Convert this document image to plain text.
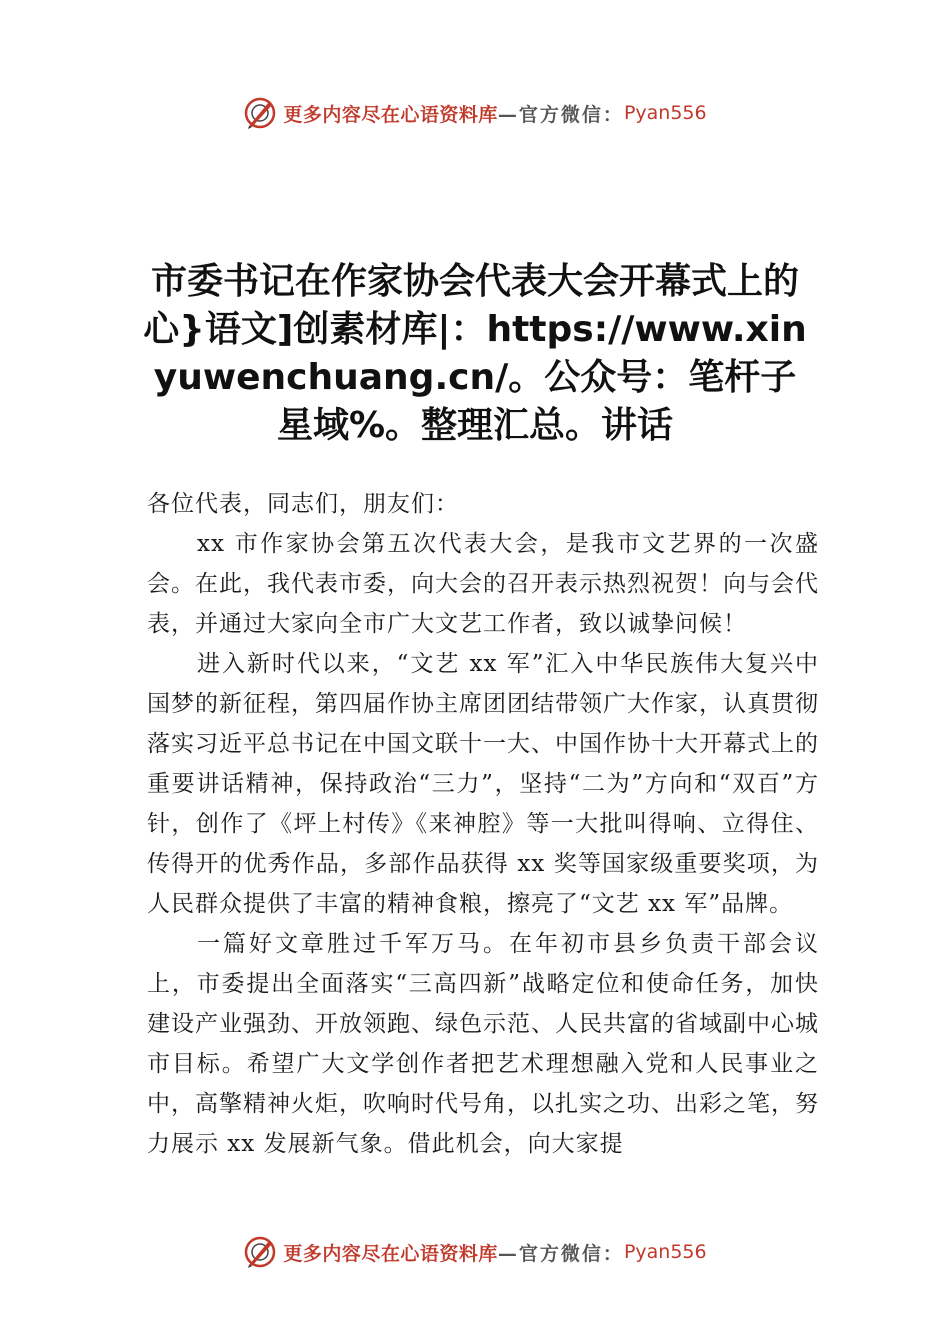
更多内容尽在心语资料库 —官方微信： Pyan556
市委书记在作家协会代表大会开幕式上的心}语文]创素材库|：https://www.xinyuwenchuang.cn/。公众号：笔杆子星域%。整理汇总。讲话

各位代表，同志们，朋友们：

xx 市作家协会第五次代表大会，是我市文艺界的一次盛会。在此，我代表市委，向大会的召开表示热烈祝贺！向与会代表，并通过大家向全市广大文艺工作者，致以诚挚问候！

进入新时代以来，“文艺 xx 军”汇入中华民族伟大复兴中国梦的新征程，第四届作协主席团团结带领广大作家，认真贯彻落实习近平总书记在中国文联十一大、中国作协十大开幕式上的重要讲话精神，保持政治“三力”，坚持“二为”方向和“双百”方针，创作了《坪上村传》《来神腔》等一大批叫得响、立得住、传得开的优秀作品，多部作品获得 xx 奖等国家级重要奖项，为人民群众提供了丰富的精神食粮，擦亮了“文艺 xx 军”品牌。

一篇好文章胜过千军万马。在年初市县乡负责干部会议上，市委提出全面落实“三高四新”战略定位和使命任务，加快建设产业强劲、开放领跑、绿色示范、人民共富的省域副中心城市目标。希望广大文学创作者把艺术理想融入党和人民事业之中，高擎精神火炬，吹响时代号角，以扎实之功、出彩之笔，努力展示 xx 发展新气象。借此机会，向大家提

更多内容尽在心语资料库 —官方微信： Pyan556
